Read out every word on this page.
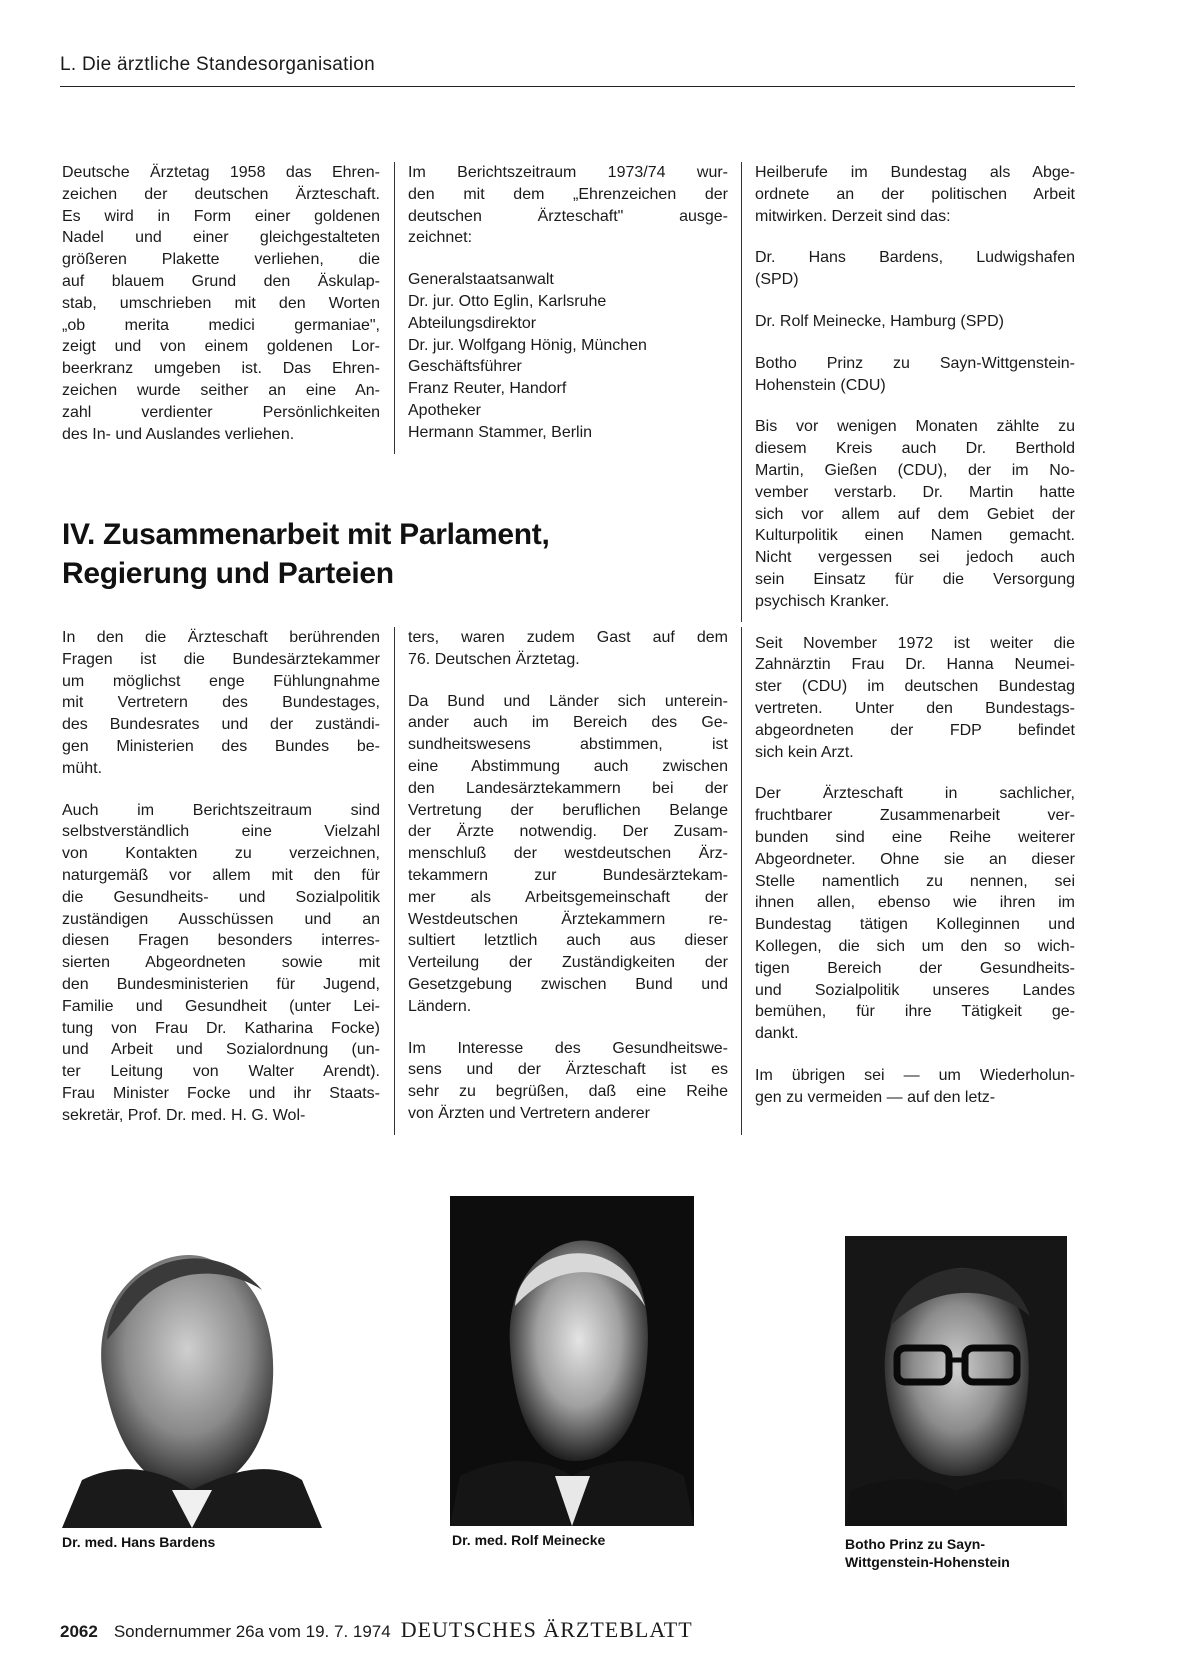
L. Die ärztliche Standesorganisation
Deutsche Ärztetag 1958 das Ehren-
zeichen der deutschen Ärzteschaft.
Es wird in Form einer goldenen
Nadel und einer gleichgestalteten
größeren Plakette verliehen, die
auf blauem Grund den Äskulap-
stab, umschrieben mit den Worten
„ob merita medici germaniae",
zeigt und von einem goldenen Lor-
beerkranz umgeben ist. Das Ehren-
zeichen wurde seither an eine An-
zahl verdienter Persönlichkeiten
des In- und Auslandes verliehen.
Im Berichtszeitraum 1973/74 wur-
den mit dem „Ehrenzeichen der
deutschen Ärzteschaft" ausge-
zeichnet:
Generalstaatsanwalt
Dr. jur. Otto Eglin, Karlsruhe
Abteilungsdirektor
Dr. jur. Wolfgang Hönig, München
Geschäftsführer
Franz Reuter, Handorf
Apotheker
Hermann Stammer, Berlin
Heilberufe im Bundestag als Abge-
ordnete an der politischen Arbeit
mitwirken. Derzeit sind das:
Dr. Hans Bardens, Ludwigshafen
(SPD)
Dr. Rolf Meinecke, Hamburg (SPD)
Botho Prinz zu Sayn-Wittgenstein-
Hohenstein (CDU)
Bis vor wenigen Monaten zählte zu
diesem Kreis auch Dr. Berthold
Martin, Gießen (CDU), der im No-
vember verstarb. Dr. Martin hatte
sich vor allem auf dem Gebiet der
Kulturpolitik einen Namen gemacht.
Nicht vergessen sei jedoch auch
sein Einsatz für die Versorgung
psychisch Kranker.
Seit November 1972 ist weiter die
Zahnärztin Frau Dr. Hanna Neumei-
ster (CDU) im deutschen Bundestag
vertreten. Unter den Bundestags-
abgeordneten der FDP befindet
sich kein Arzt.
Der Ärzteschaft in sachlicher,
fruchtbarer Zusammenarbeit ver-
bunden sind eine Reihe weiterer
Abgeordneter. Ohne sie an dieser
Stelle namentlich zu nennen, sei
ihnen allen, ebenso wie ihren im
Bundestag tätigen Kolleginnen und
Kollegen, die sich um den so wich-
tigen Bereich der Gesundheits-
und Sozialpolitik unseres Landes
bemühen, für ihre Tätigkeit ge-
dankt.
Im übrigen sei — um Wiederholun-
gen zu vermeiden — auf den letz-
IV. Zusammenarbeit mit Parlament,
Regierung und Parteien
In den die Ärzteschaft berührenden
Fragen ist die Bundesärztekammer
um möglichst enge Fühlungnahme
mit Vertretern des Bundestages,
des Bundesrates und der zuständi-
gen Ministerien des Bundes be-
müht.
Auch im Berichtszeitraum sind
selbstverständlich eine Vielzahl
von Kontakten zu verzeichnen,
naturgemäß vor allem mit den für
die Gesundheits- und Sozialpolitik
zuständigen Ausschüssen und an
diesen Fragen besonders interres-
sierten Abgeordneten sowie mit
den Bundesministerien für Jugend,
Familie und Gesundheit (unter Lei-
tung von Frau Dr. Katharina Focke)
und Arbeit und Sozialordnung (un-
ter Leitung von Walter Arendt).
Frau Minister Focke und ihr Staats-
sekretär, Prof. Dr. med. H. G. Wol-
ters, waren zudem Gast auf dem
76. Deutschen Ärztetag.
Da Bund und Länder sich unterein-
ander auch im Bereich des Ge-
sundheitswesens abstimmen, ist
eine Abstimmung auch zwischen
den Landesärztekammern bei der
Vertretung der beruflichen Belange
der Ärzte notwendig. Der Zusam-
menschluß der westdeutschen Ärz-
tekammern zur Bundesärztekam-
mer als Arbeitsgemeinschaft der
Westdeutschen Ärztekammern re-
sultiert letztlich auch aus dieser
Verteilung der Zuständigkeiten der
Gesetzgebung zwischen Bund und
Ländern.
Im Interesse des Gesundheitswe-
sens und der Ärzteschaft ist es
sehr zu begrüßen, daß eine Reihe
von Ärzten und Vertretern anderer
Dr. med. Hans Bardens	Dr. med. Rolf Meinecke	Botho Prinz zu Sayn-
Wittgenstein-Hohenstein
2062 Sondernummer 26a vom 19. 7. 1974 DEUTSCHES ÄRZTEBLATT
